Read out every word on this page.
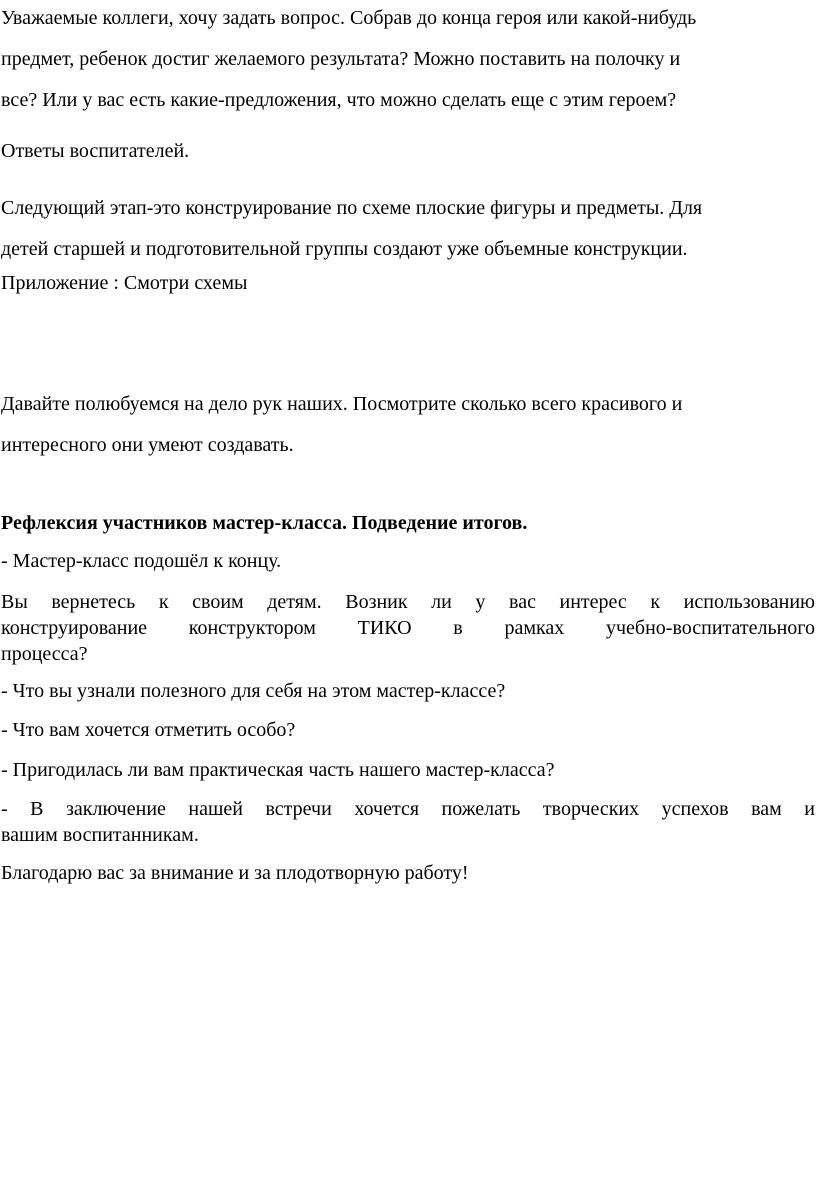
Уважаемые коллеги, хочу задать вопрос. Собрав до конца героя или какой-нибудь
предмет, ребенок достиг желаемого результата? Можно поставить на полочку и
все? Или у вас есть какие-предложения, что можно сделать еще с этим героем?
Ответы воспитателей.
Следующий этап-это конструирование по схеме плоские фигуры и предметы. Для
детей старшей и подготовительной группы создают уже объемные конструкции.
Приложение : Смотри схемы
Давайте полюбуемся на дело рук наших. Посмотрите сколько всего красивого и
интересного они умеют создавать.
Рефлексия участников мастер-класса. Подведение итогов.
- Мастер-класс подошёл к концу.
Вы вернетесь к своим детям. Возник ли у вас интерес к использованию
конструирование конструктором ТИКО в рамках учебно-воспитательного
процесса?
- Что вы узнали полезного для себя на этом мастер-классе?
- Что вам хочется отметить особо?
- Пригодилась ли вам практическая часть нашего мастер-класса?
- В заключение нашей встречи хочется пожелать творческих успехов вам и
вашим воспитанникам.
Благодарю вас за внимание и за плодотворную работу!
